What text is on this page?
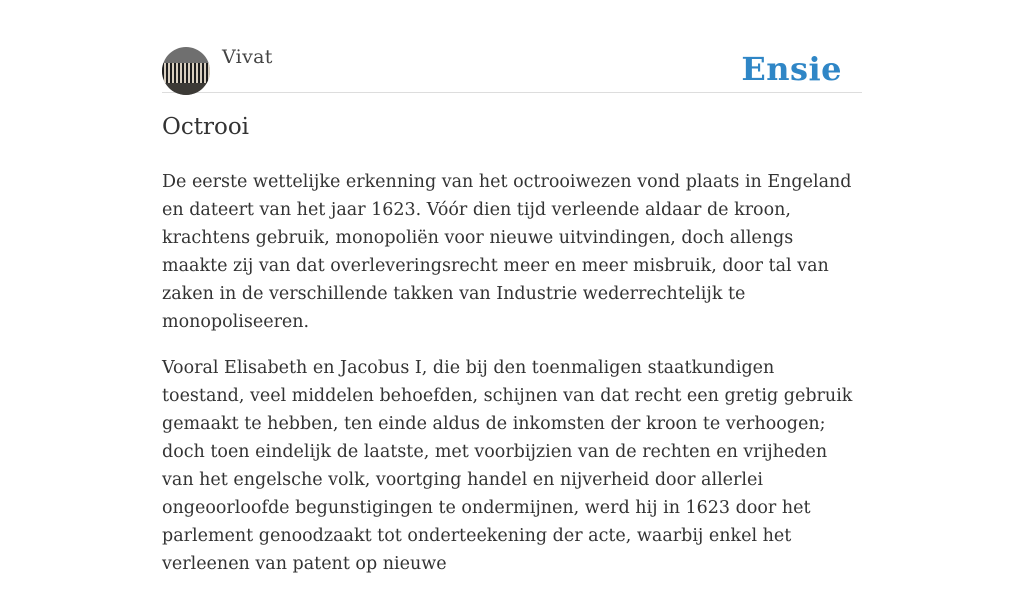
Vivat	Ensie
Octrooi

De eerste wettelijke erkenning van het octrooiwezen vond plaats in Engeland en dateert van het jaar 1623. Vóór dien tijd verleende aldaar de kroon, krachtens gebruik, monopoliën voor nieuwe uitvindingen, doch allengs maakte zij van dat overleveringsrecht meer en meer misbruik, door tal van zaken in de verschillende takken van Industrie wederrechtelijk te monopoliseeren.

Vooral Elisabeth en Jacobus I, die bij den toenmaligen staatkundigen toestand, veel middelen behoefden, schijnen van dat recht een gretig gebruik gemaakt te hebben, ten einde aldus de inkomsten der kroon te verhoogen; doch toen eindelijk de laatste, met voorbijzien van de rechten en vrijheden van het engelsche volk, voortging handel en nijverheid door allerlei ongeoorloofde begunstigingen te ondermijnen, werd hij in 1623 door het parlement genoodzaakt tot onderteekening der acte, waarbij enkel het verleenen van patent op nieuwe
